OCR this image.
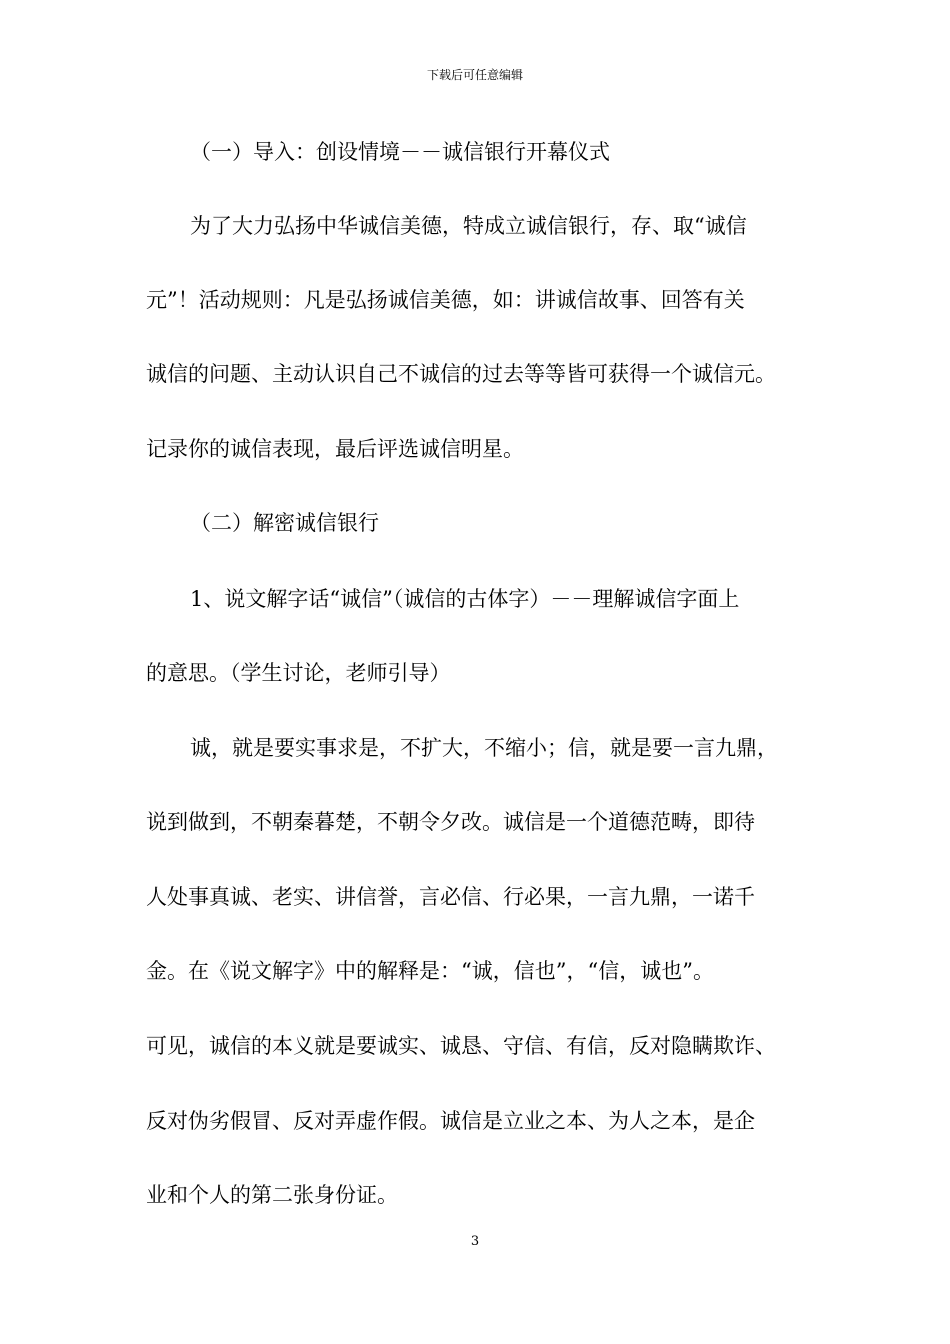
下载后可任意编辑
（一）导入：创设情境－－诚信银行开幕仪式
为了大力弘扬中华诚信美德，特成立诚信银行，存、取“诚信
元”！活动规则：凡是弘扬诚信美德，如：讲诚信故事、回答有关
诚信的问题、主动认识自己不诚信的过去等等皆可获得一个诚信元。
记录你的诚信表现，最后评选诚信明星。
（二）解密诚信银行
1、说文解字话“诚信”（诚信的古体字）－－理解诚信字面上
的意思。（学生讨论，老师引导）
诚，就是要实事求是，不扩大，不缩小；信，就是要一言九鼎，
说到做到，不朝秦暮楚，不朝令夕改。诚信是一个道德范畴，即待
人处事真诚、老实、讲信誉，言必信、行必果，一言九鼎，一诺千
金。在《说文解字》中的解释是：“诚，信也”，“信，诚也”。
可见，诚信的本义就是要诚实、诚恳、守信、有信，反对隐瞒欺诈、
反对伪劣假冒、反对弄虚作假。诚信是立业之本、为人之本，是企
业和个人的第二张身份证。
3
